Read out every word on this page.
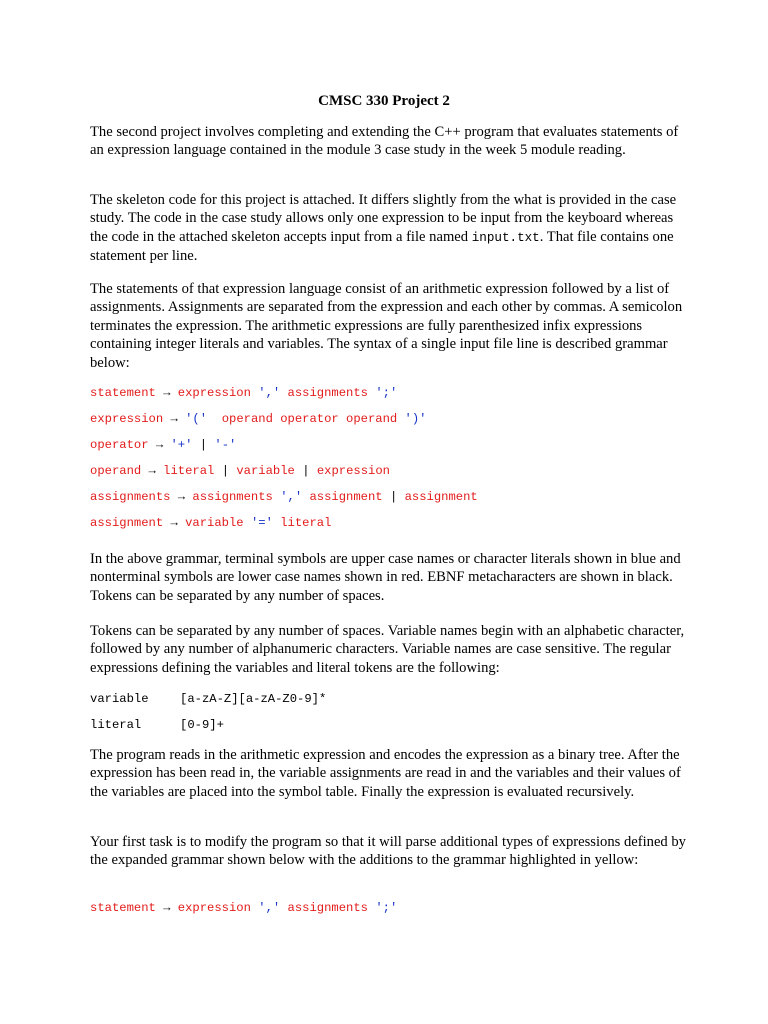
CMSC 330 Project 2

The second project involves completing and extending the C++ program that evaluates statements of an expression language contained in the module 3 case study in the week 5 module reading.

The skeleton code for this project is attached. It differs slightly from the what is provided in the case study. The code in the case study allows only one expression to be input from the keyboard whereas the code in the attached skeleton accepts input from a file named input.txt. That file contains one statement per line.

The statements of that expression language consist of an arithmetic expression followed by a list of assignments. Assignments are separated from the expression and each other by commas. A semicolon terminates the expression. The arithmetic expressions are fully parenthesized infix expressions containing integer literals and variables. The syntax of a single input file line is described grammar below:

statement → expression ',' assignments ';'
expression → '(' operand operator operand ')'
operator → '+' | '-'
operand → literal | variable | expression
assignments → assignments ',' assignment | assignment
assignment → variable '=' literal

In the above grammar, terminal symbols are upper case names or character literals shown in blue and nonterminal symbols are lower case names shown in red. EBNF metacharacters are shown in black. Tokens can be separated by any number of spaces.

Tokens can be separated by any number of spaces. Variable names begin with an alphabetic character, followed by any number of alphanumeric characters. Variable names are case sensitive. The regular expressions defining the variables and literal tokens are the following:

variable	[a-zA-Z][a-zA-Z0-9]*
literal	[0-9]+

The program reads in the arithmetic expression and encodes the expression as a binary tree. After the expression has been read in, the variable assignments are read in and the variables and their values of the variables are placed into the symbol table. Finally the expression is evaluated recursively.

Your first task is to modify the program so that it will parse additional types of expressions defined by the expanded grammar shown below with the additions to the grammar highlighted in yellow:

statement → expression ',' assignments ';'
